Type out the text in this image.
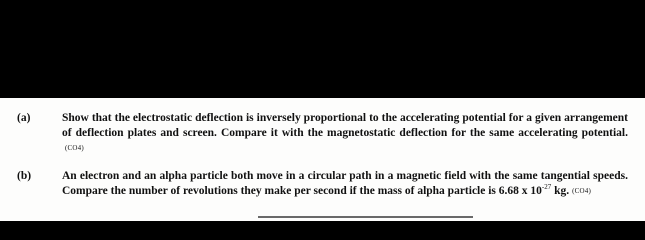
(a)	Show that the electrostatic deflection is inversely proportional to the accelerating potential for a given arrangement of deflection plates and screen. Compare it with the magnetostatic deflection for the same accelerating potential.(CO4)
(b)	An electron and an alpha particle both move in a circular path in a magnetic field with the same tangential speeds. Compare the number of revolutions they make per second if the mass of alpha particle is 6.68 x $10^{-27}$ kg. (CO4)
